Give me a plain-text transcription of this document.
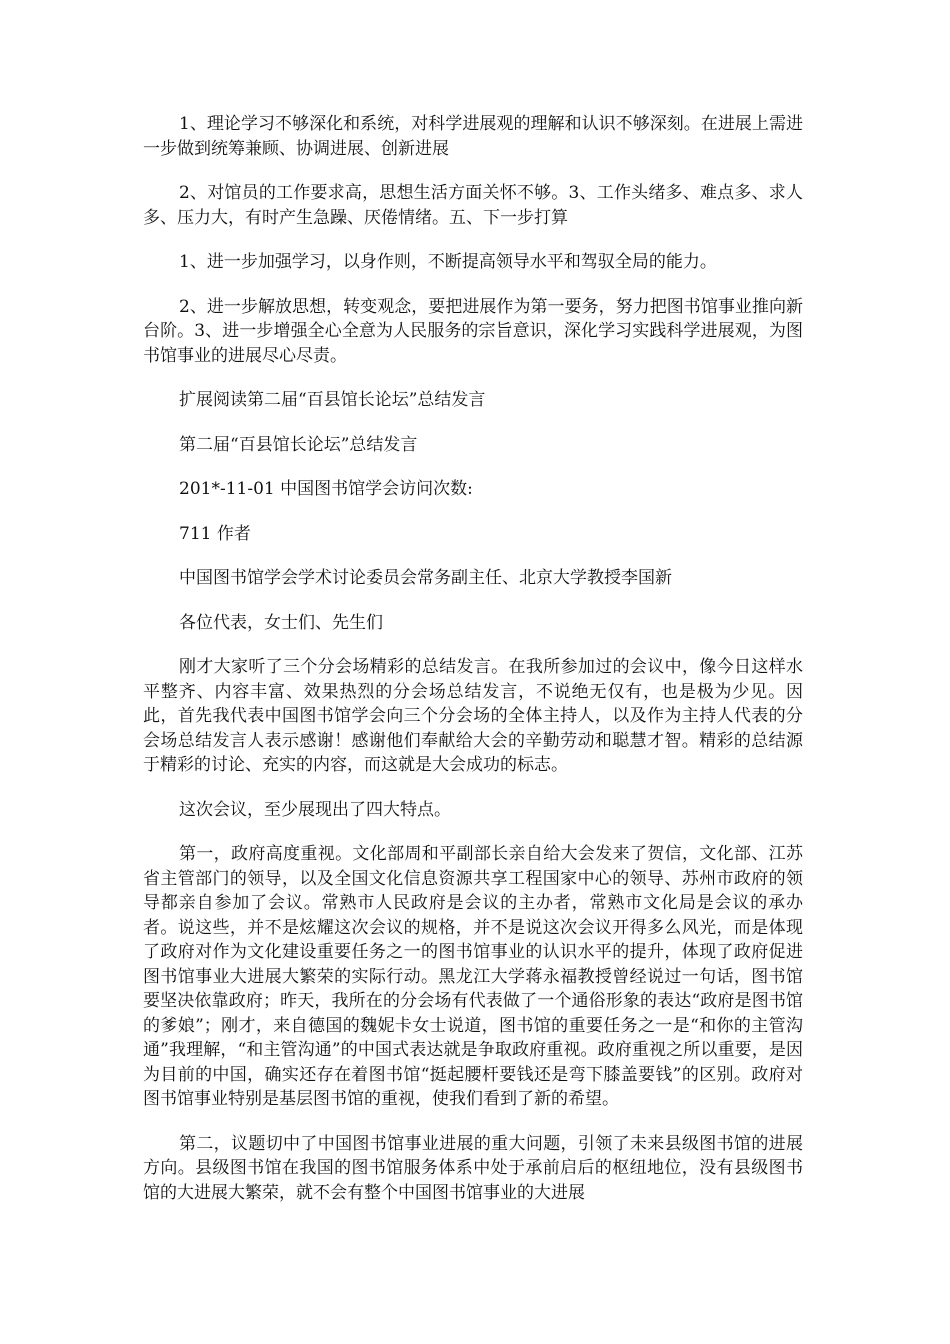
1、理论学习不够深化和系统，对科学进展观的理解和认识不够深刻。在进展上需进一步做到统筹兼顾、协调进展、创新进展

2、对馆员的工作要求高，思想生活方面关怀不够。3、工作头绪多、难点多、求人多、压力大，有时产生急躁、厌倦情绪。五、下一步打算

1、进一步加强学习，以身作则，不断提高领导水平和驾驭全局的能力。

2、进一步解放思想，转变观念，要把进展作为第一要务，努力把图书馆事业推向新台阶。3、进一步增强全心全意为人民服务的宗旨意识，深化学习实践科学进展观，为图书馆事业的进展尽心尽责。

扩展阅读第二届“百县馆长论坛”总结发言

第二届“百县馆长论坛”总结发言

201*-11-01 中国图书馆学会访问次数:

711 作者

中国图书馆学会学术讨论委员会常务副主任、北京大学教授李国新

各位代表，女士们、先生们

刚才大家听了三个分会场精彩的总结发言。在我所参加过的会议中，像今日这样水平整齐、内容丰富、效果热烈的分会场总结发言，不说绝无仅有，也是极为少见。因此，首先我代表中国图书馆学会向三个分会场的全体主持人，以及作为主持人代表的分会场总结发言人表示感谢！感谢他们奉献给大会的辛勤劳动和聪慧才智。精彩的总结源于精彩的讨论、充实的内容，而这就是大会成功的标志。

这次会议，至少展现出了四大特点。

第一，政府高度重视。文化部周和平副部长亲自给大会发来了贺信，文化部、江苏省主管部门的领导，以及全国文化信息资源共享工程国家中心的领导、苏州市政府的领导都亲自参加了会议。常熟市人民政府是会议的主办者，常熟市文化局是会议的承办者。说这些，并不是炫耀这次会议的规格，并不是说这次会议开得多么风光，而是体现了政府对作为文化建设重要任务之一的图书馆事业的认识水平的提升，体现了政府促进图书馆事业大进展大繁荣的实际行动。黑龙江大学蒋永福教授曾经说过一句话，图书馆要坚决依靠政府；昨天，我所在的分会场有代表做了一个通俗形象的表达“政府是图书馆的爹娘”；刚才，来自德国的魏妮卡女士说道，图书馆的重要任务之一是“和你的主管沟通”我理解，“和主管沟通”的中国式表达就是争取政府重视。政府重视之所以重要，是因为目前的中国，确实还存在着图书馆“挺起腰杆要钱还是弯下膝盖要钱”的区别。政府对图书馆事业特别是基层图书馆的重视，使我们看到了新的希望。

第二，议题切中了中国图书馆事业进展的重大问题，引领了未来县级图书馆的进展方向。县级图书馆在我国的图书馆服务体系中处于承前启后的枢纽地位，没有县级图书馆的大进展大繁荣，就不会有整个中国图书馆事业的大进展
